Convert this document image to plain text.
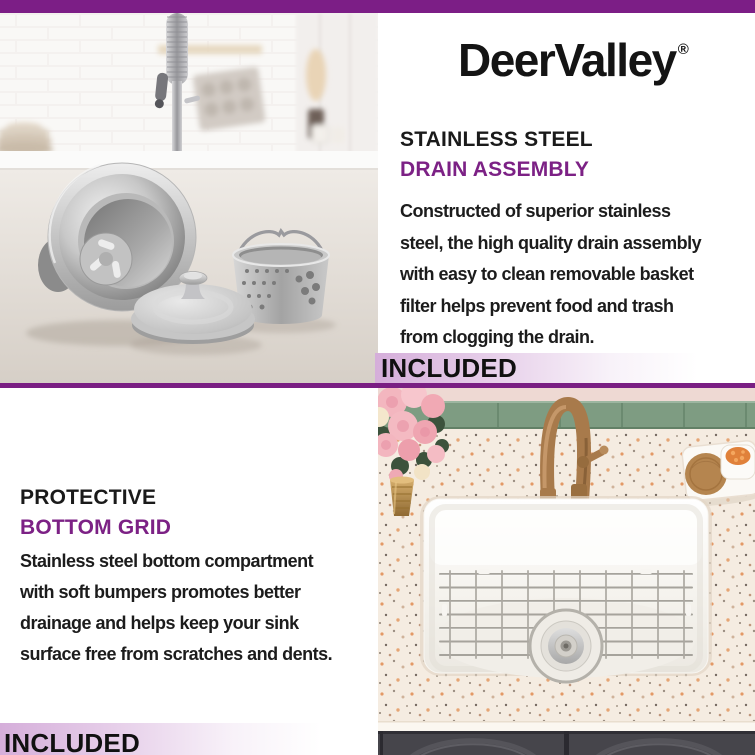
DeerValley ®
STAINLESS STEEL
DRAIN ASSEMBLY
Constructed of superior stainless
steel, the high quality drain assembly
with easy to clean removable basket
filter helps prevent food and trash
from clogging the drain.
INCLUDED
PROTECTIVE
BOTTOM GRID
Stainless steel bottom compartment
with soft bumpers promotes better
drainage and helps keep your sink
surface free from scratches and dents.
INCLUDED
